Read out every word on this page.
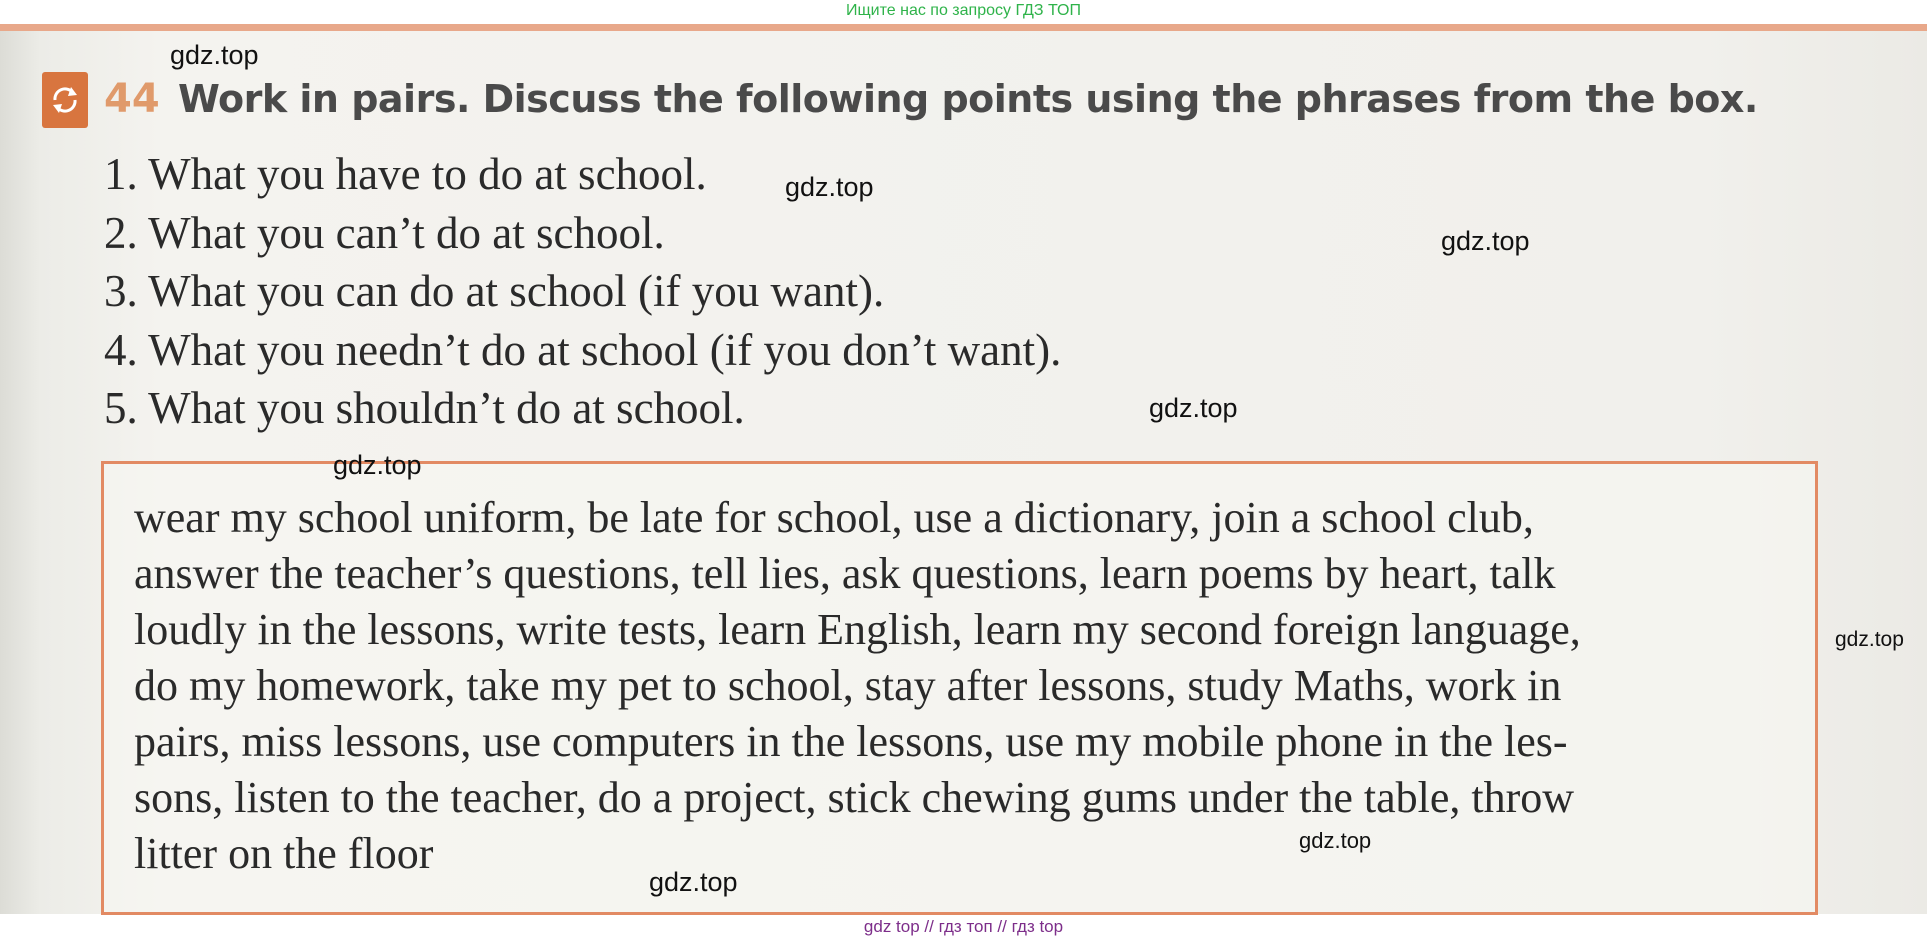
Ищите нас по запросу ГДЗ ТОП
44 Work in pairs. Discuss the following points using the phrases from the box.
1. What you have to do at school.
2. What you can’t do at school.
3. What you can do at school (if you want).
4. What you needn’t do at school (if you don’t want).
5. What you shouldn’t do at school.
wear my school uniform, be late for school, use a dictionary, join a school club,
answer the teacher’s questions, tell lies, ask questions, learn poems by heart, talk
loudly in the lessons, write tests, learn English, learn my second foreign language,
do my homework, take my pet to school, stay after lessons, study Maths, work in
pairs, miss lessons, use computers in the lessons, use my mobile phone in the les-
sons, listen to the teacher, do a project, stick chewing gums under the table, throw
litter on the floor
gdz.top
gdz.top
gdz.top
gdz.top
gdz.top
gdz.top
gdz.top
gdz.top
gdz top // гдз топ // гдз top
